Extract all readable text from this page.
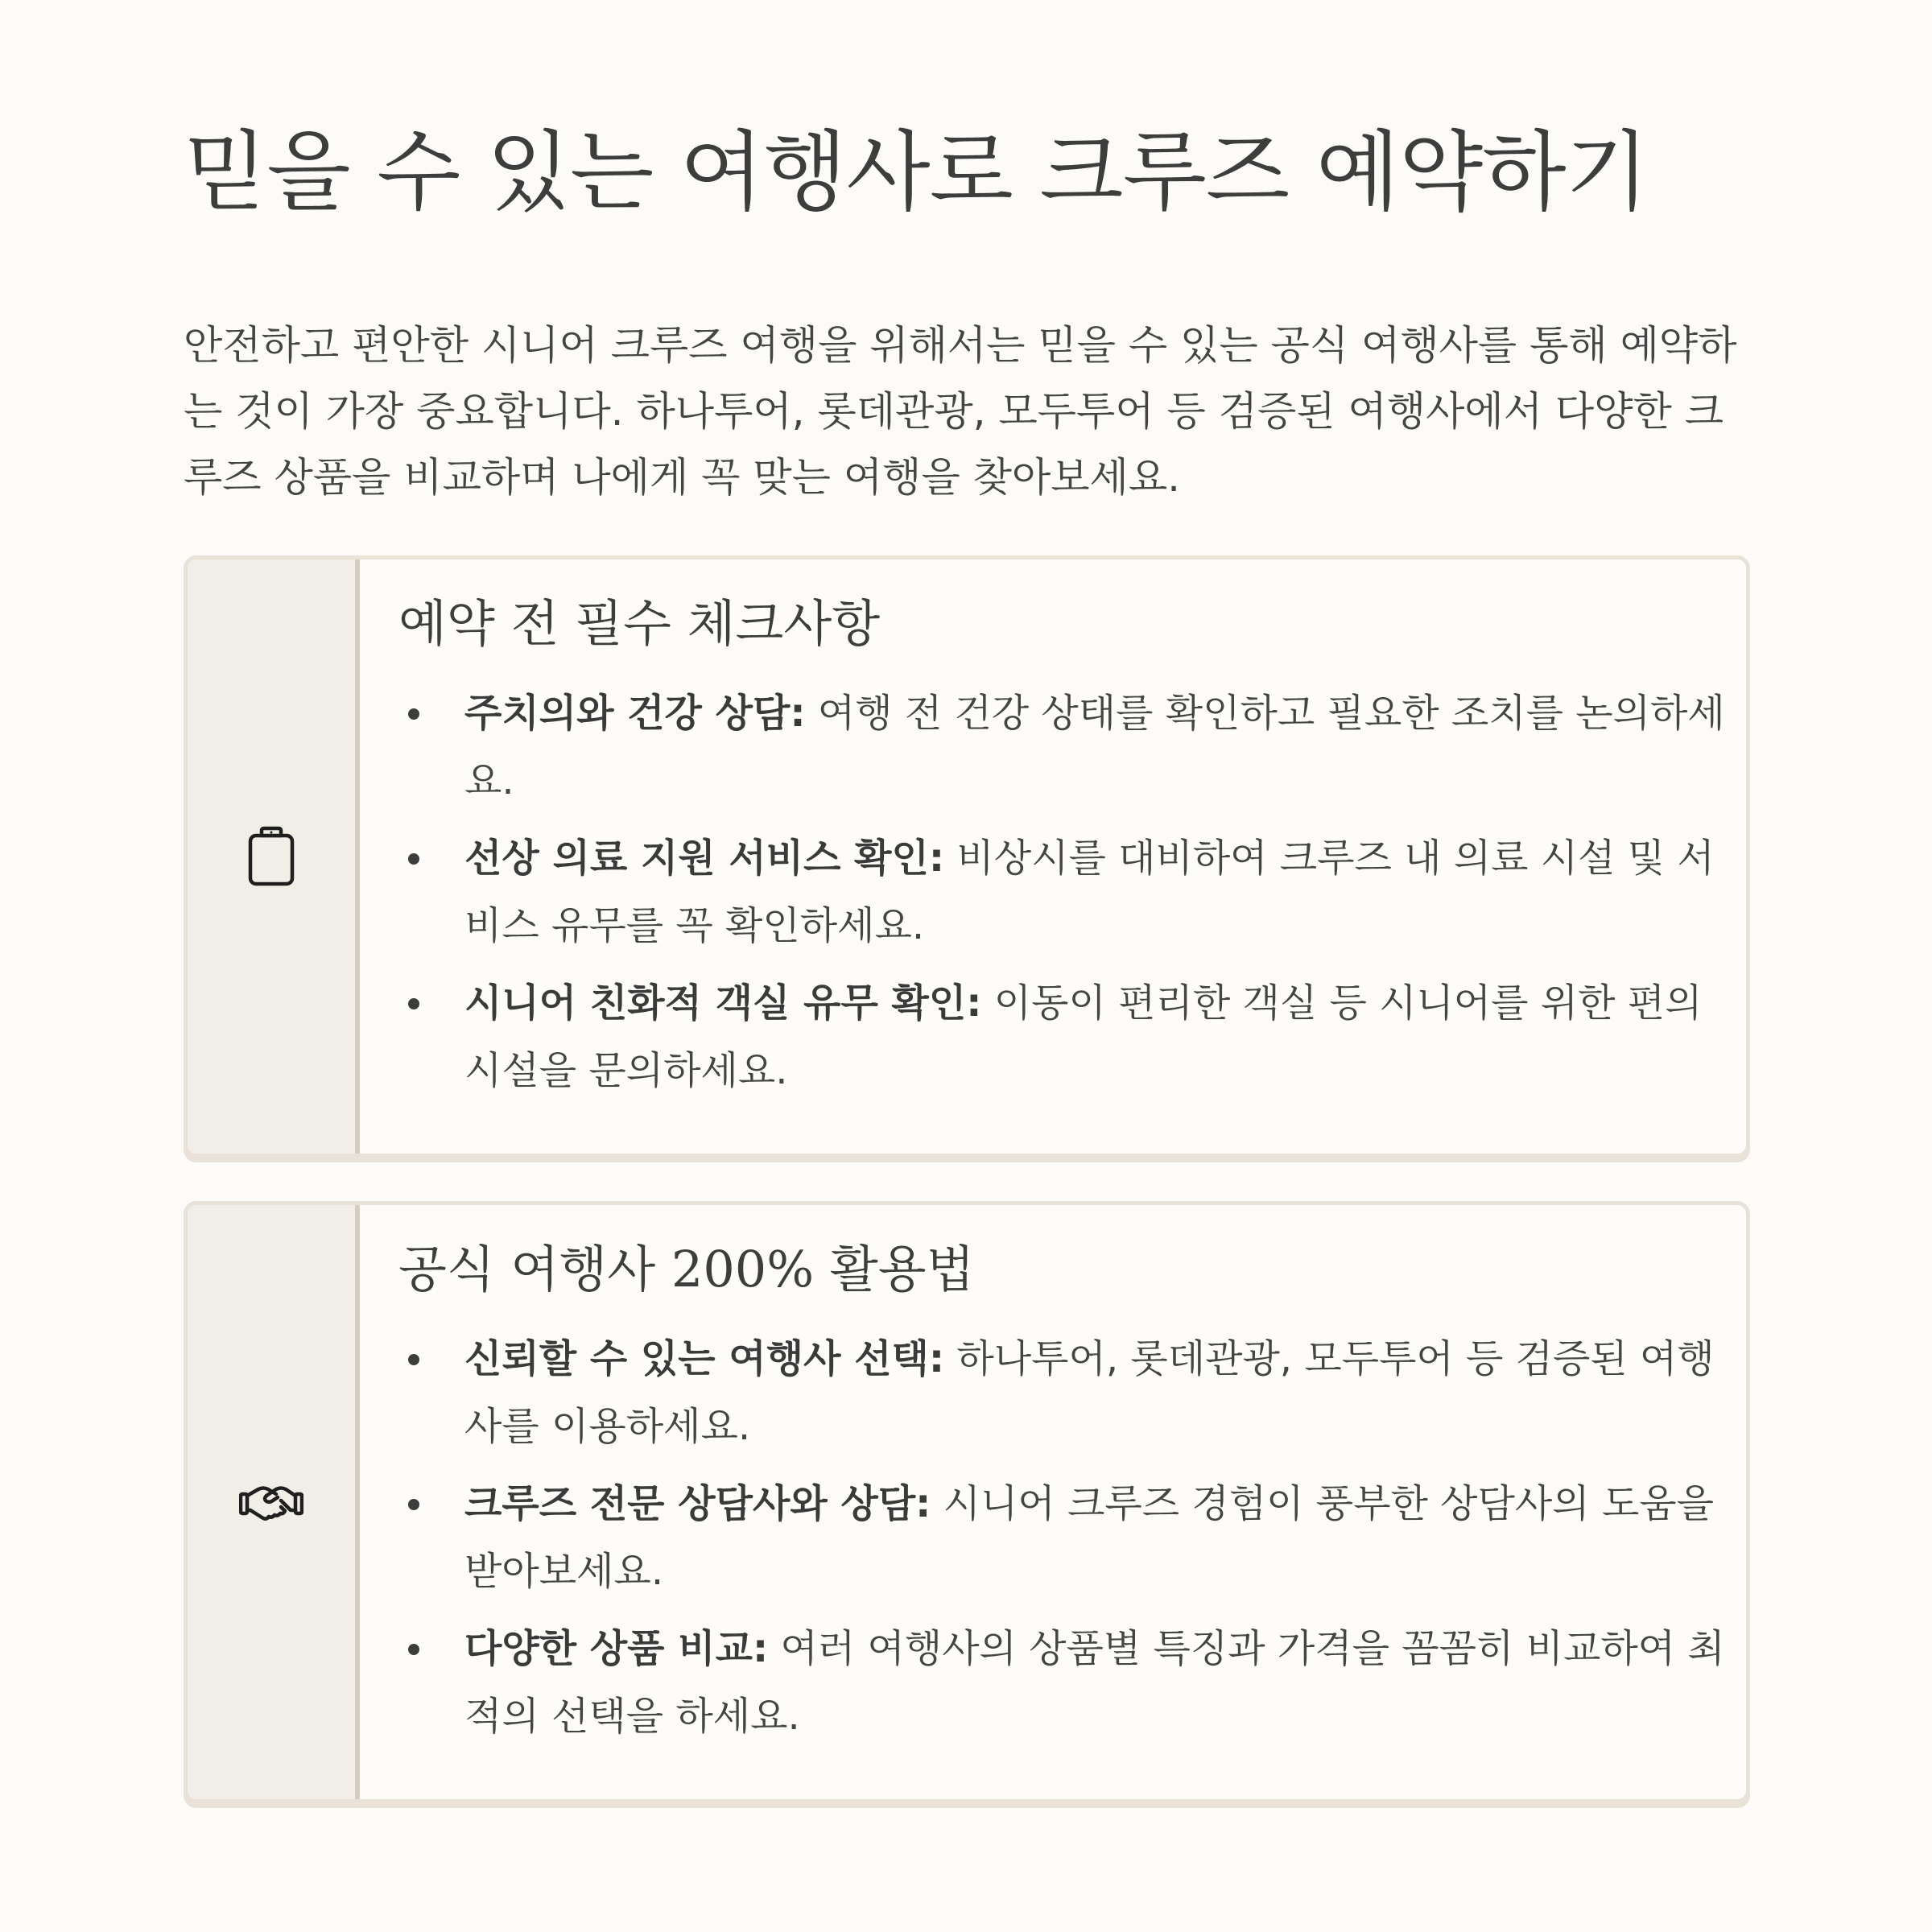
믿을 수 있는 여행사로 크루즈 예약하기

안전하고 편안한 시니어 크루즈 여행을 위해서는 믿을 수 있는 공식 여행사를 통해 예약하는 것이 가장 중요합니다. 하나투어, 롯데관광, 모두투어 등 검증된 여행사에서 다양한 크루즈 상품을 비교하며 나에게 꼭 맞는 여행을 찾아보세요.

예약 전 필수 체크사항
주치의와 건강 상담: 여행 전 건강 상태를 확인하고 필요한 조치를 논의하세요.
선상 의료 지원 서비스 확인: 비상시를 대비하여 크루즈 내 의료 시설 및 서비스 유무를 꼭 확인하세요.
시니어 친화적 객실 유무 확인: 이동이 편리한 객실 등 시니어를 위한 편의 시설을 문의하세요.
공식 여행사 200% 활용법
신뢰할 수 있는 여행사 선택: 하나투어, 롯데관광, 모두투어 등 검증된 여행사를 이용하세요.
크루즈 전문 상담사와 상담: 시니어 크루즈 경험이 풍부한 상담사의 도움을 받아보세요.
다양한 상품 비교: 여러 여행사의 상품별 특징과 가격을 꼼꼼히 비교하여 최적의 선택을 하세요.
